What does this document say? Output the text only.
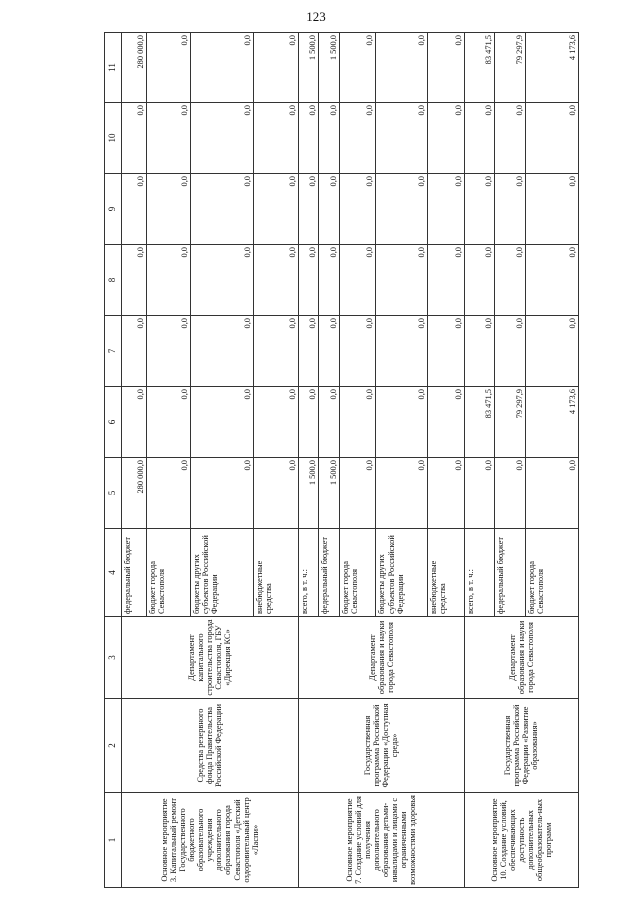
123
1	2	3	4	5	6	7	8	9	10	11
Основное мероприятие 3. Капитальный ремонт Государственного бюджетного образовательного учреждения дополнительного образования города Севастополя «Детский оздоровительный центр «Ласпи»	Средства резервного фонда Правительства Российской Федерации	Департамент капитального строительства города Севастополя, ГБУ «Дирекция КС»	федеральный бюджет	280 000,0	0,0	0,0	0,0	0,0	0,0	280 000,0
			бюджет города Севастополя	0,0	0,0	0,0	0,0	0,0	0,0	0,0
			бюджеты других субъектов Российской Федерации	0,0	0,0	0,0	0,0	0,0	0,0	0,0
			внебюджетные средства	0,0	0,0	0,0	0,0	0,0	0,0	0,0
Основное мероприятие 7. Создание условий для получения дополнительного образования детьми-инвалидами и лицами с ограниченными возможностями здоровья	Государственная программа Российской Федерации «Доступная среда»	Департамент образования и науки города Севастополя	всего, в т. ч.:	1 500,0	0,0	0,0	0,0	0,0	0,0	1 500,0
			федеральный бюджет	1 500,0	0,0	0,0	0,0	0,0	0,0	1 500,0
			бюджет города Севастополя	0,0	0,0	0,0	0,0	0,0	0,0	0,0
			бюджеты других субъектов Российской Федерации	0,0	0,0	0,0	0,0	0,0	0,0	0,0
			внебюджетные средства	0,0	0,0	0,0	0,0	0,0	0,0	0,0
Основное мероприятие 10. Создание условий, обеспечивающих доступность дополнительных общеобразователь-ных программ	Государственная программа Российской Федерации «Развитие образования»	Департамент образования и науки города Севастополя	всего, в т. ч.:	0,0	83 471,5	0,0	0,0	0,0	0,0	83 471,5
			федеральный бюджет	0,0	79 297,9	0,0	0,0	0,0	0,0	79 297,9
			бюджет города Севастополя	0,0	4 173,6	0,0	0,0	0,0	0,0	4 173,6
